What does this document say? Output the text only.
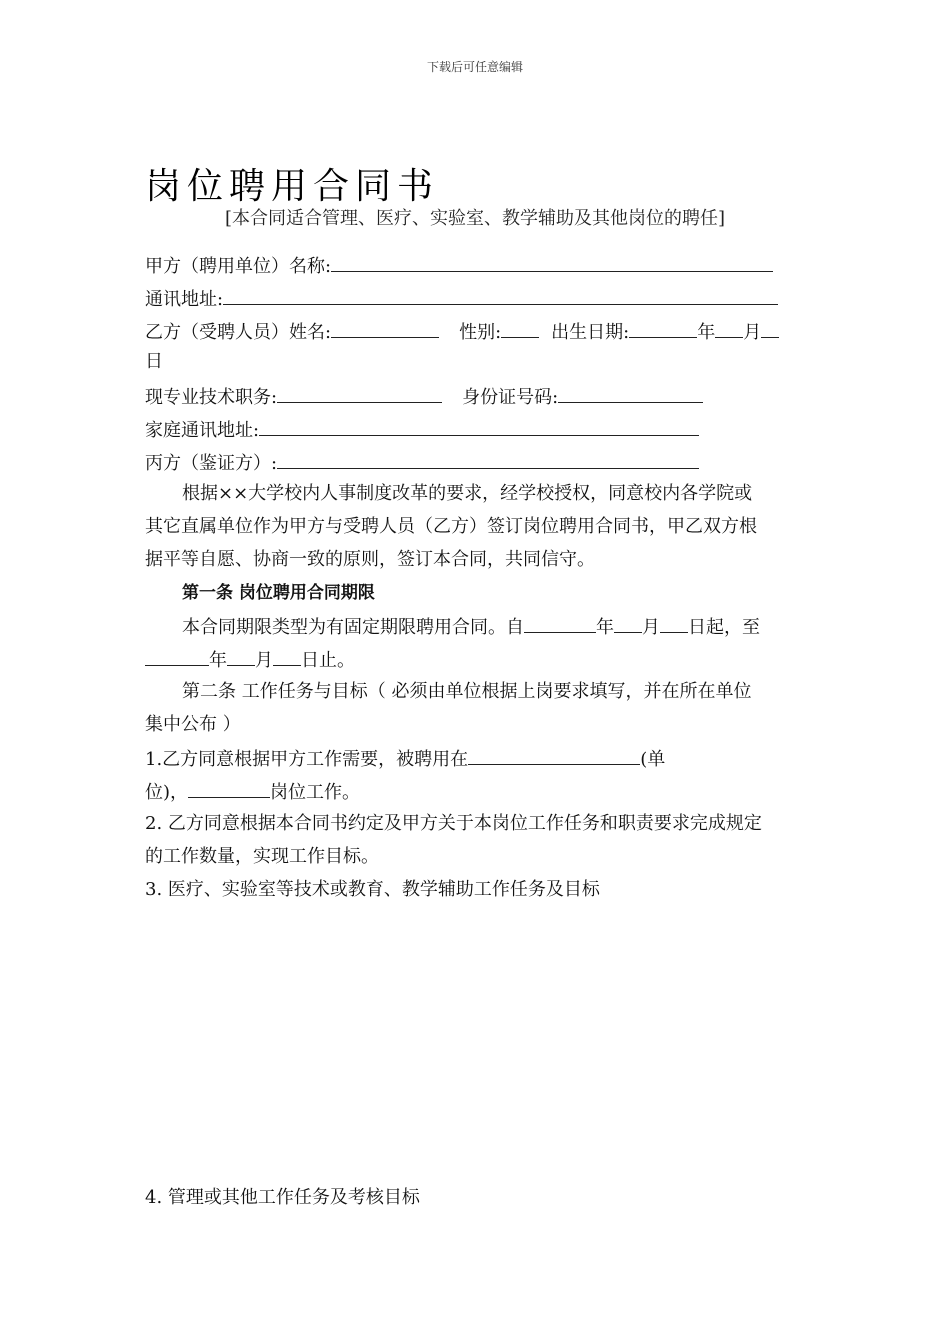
下载后可任意编辑
岗位聘用合同书
[本合同适合管理、医疗、实验室、教学辅助及其他岗位的聘任]
甲方（聘用单位）名称:
通讯地址:
乙方（受聘人员）姓名:	性别:	出生日期:	年 月
日
现专业技术职务:	身份证号码:
家庭通讯地址:
丙方（鉴证方）:
根据××大学校内人事制度改革的要求，经学校授权，同意校内各学院或
其它直属单位作为甲方与受聘人员（乙方）签订岗位聘用合同书，甲乙双方根
据平等自愿、协商一致的原则，签订本合同，共同信守。
第一条 岗位聘用合同期限
本合同期限类型为有固定期限聘用合同。自	年 月 日起，至
年 月 日止。
第二条 工作任务与目标（ 必须由单位根据上岗要求填写，并在所在单位
集中公布 ）
1.乙方同意根据甲方工作需要，被聘用在	(单
位)，	岗位工作。
2. 乙方同意根据本合同书约定及甲方关于本岗位工作任务和职责要求完成规定
的工作数量，实现工作目标。
3. 医疗、实验室等技术或教育、教学辅助工作任务及目标
4. 管理或其他工作任务及考核目标
